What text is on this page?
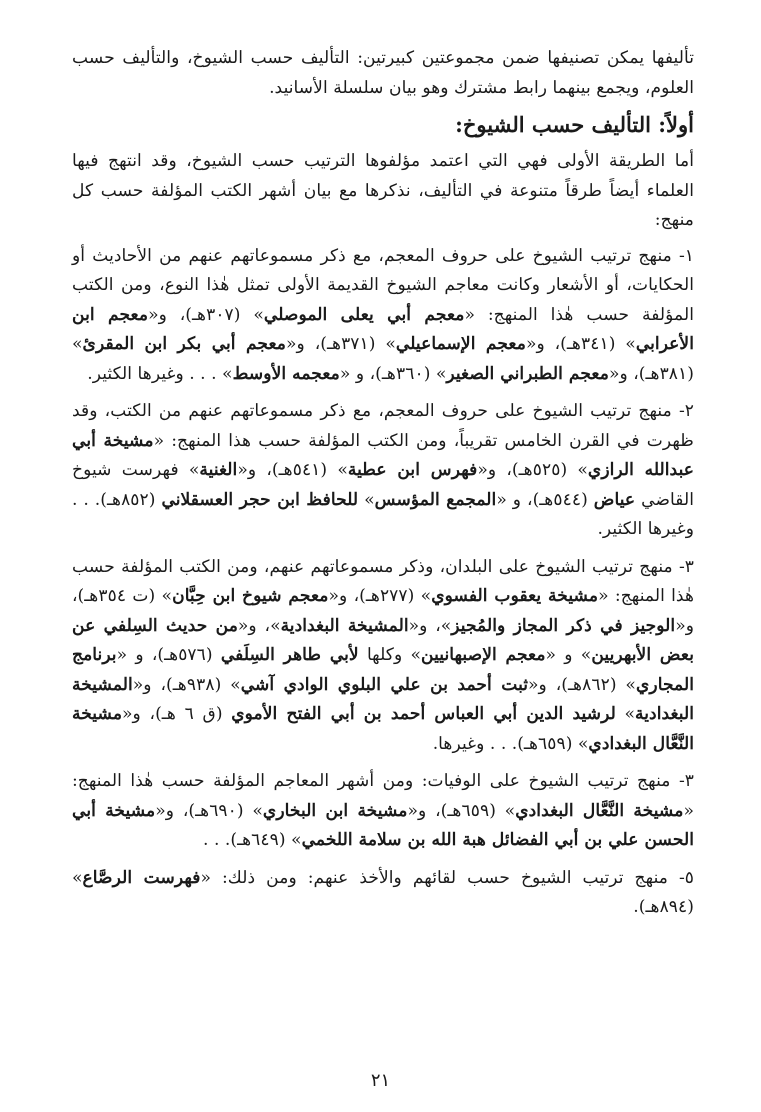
تأليفها يمكن تصنيفها ضمن مجموعتين كبيرتين: التأليف حسب الشيوخ، والتأليف حسب العلوم، ويجمع بينهما رابط مشترك وهو بيان سلسلة الأسانيد.

أولاً: التأليف حسب الشيوخ:

أما الطريقة الأولى فهي التي اعتمد مؤلفوها الترتيب حسب الشيوخ، وقد انتهج فيها العلماء أيضاً طرقاً متنوعة في التأليف، نذكرها مع بيان أشهر الكتب المؤلفة حسب كل منهج:

١- منهج ترتيب الشيوخ على حروف المعجم، مع ذكر مسموعاتهم عنهم من الأحاديث أو الحكايات، أو الأشعار وكانت معاجم الشيوخ القديمة الأولى تمثل هٰذا النوع، ومن الكتب المؤلفة حسب هٰذا المنهج: «معجم أبي يعلى الموصلي» (٣٠٧هـ)، و«معجم ابن الأعرابي» (٣٤١هـ)، و«معجم الإسماعيلي» (٣٧١هـ)، و«معجم أبي بكر ابن المقرئ» (٣٨١هـ)، و«معجم الطبراني الصغير» (٣٦٠هـ)، و «معجمه الأوسط» . . . وغيرها الكثير.

٢- منهج ترتيب الشيوخ على حروف المعجم، مع ذكر مسموعاتهم عنهم من الكتب، وقد ظهرت في القرن الخامس تقريباً، ومن الكتب المؤلفة حسب هذا المنهج: «مشيخة أبي عبدالله الرازي» (٥٢٥هـ)، و«فهرس ابن عطية» (٥٤١هـ)، و«الغنية» فهرست شيوخ القاضي عياض (٥٤٤هـ)، و «المجمع المؤسس» للحافظ ابن حجر العسقلاني (٨٥٢هـ). . . وغيرها الكثير.

٣- منهج ترتيب الشيوخ على البلدان، وذكر مسموعاتهم عنهم، ومن الكتب المؤلفة حسب هٰذا المنهج: «مشيخة يعقوب الفسوي» (٢٧٧هـ)، و«معجم شيوخ ابن حِبَّان» (ت ٣٥٤هـ)، و«الوجيز في ذكر المجاز والمُجيز»، و«المشيخة البغدادية»، و«من حديث السِلفي عن بعض الأبهريين» و «معجم الإصبهانيين» وكلها لأبي طاهر السِلَفي (٥٧٦هـ)، و «برنامج المجاري» (٨٦٢هـ)، و«ثبت أحمد بن علي البلوي الوادي آشي» (٩٣٨هـ)، و«المشيخة البغدادية» لرشيد الدين أبي العباس أحمد بن أبي الفتح الأموي (ق ٦ هـ)، و«مشيخة النَّعَّال البغدادي» (٦٥٩هـ). . . وغيرها.

٣- منهج ترتيب الشيوخ على الوفيات: ومن أشهر المعاجم المؤلفة حسب هٰذا المنهج: «مشيخة النَّعَّال البغدادي» (٦٥٩هـ)، و«مشيخة ابن البخاري» (٦٩٠هـ)، و«مشيخة أبي الحسن علي بن أبي الفضائل هبة الله بن سلامة اللخمي» (٦٤٩هـ). . .

٥- منهج ترتيب الشيوخ حسب لقائهم والأخذ عنهم: ومن ذلك: «فهرست الرصَّاع» (٨٩٤هـ).

٢١
